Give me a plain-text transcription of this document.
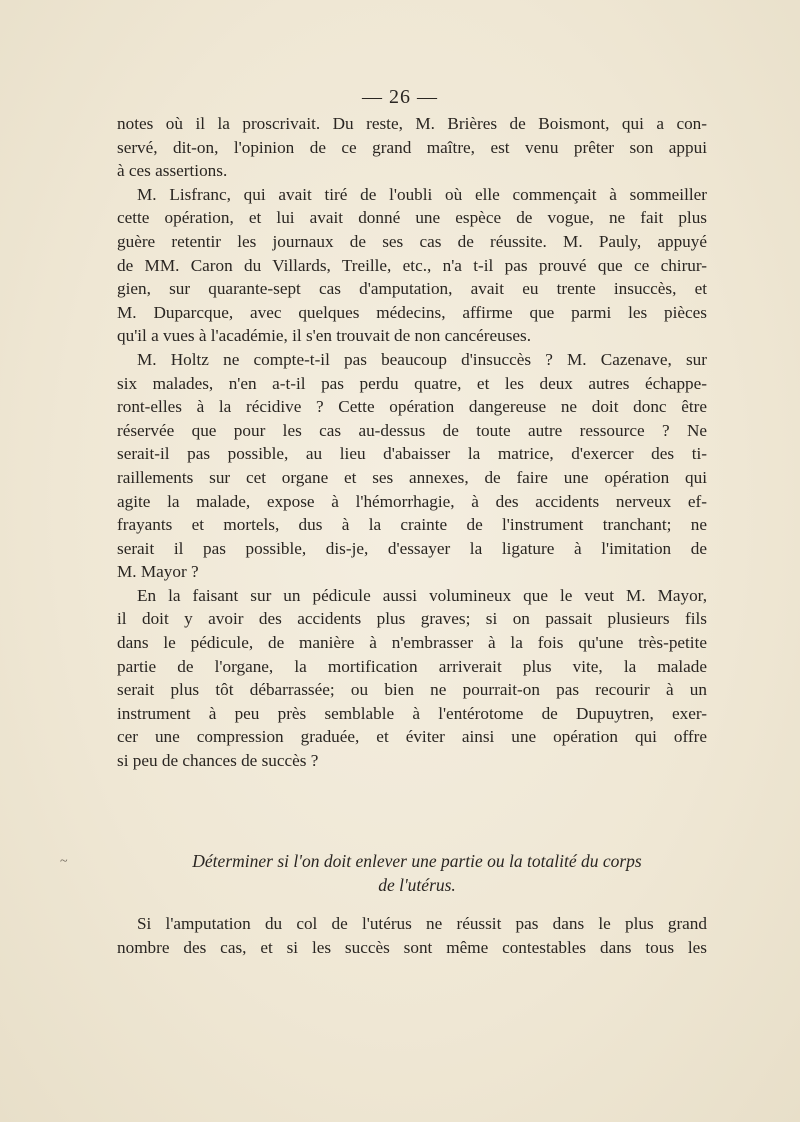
— 26 —
notes où il la proscrivait. Du reste, M. Brières de Boismont, qui a con-
servé, dit-on, l'opinion de ce grand maître, est venu prêter son appui
à ces assertions.
M. Lisfranc, qui avait tiré de l'oubli où elle commençait à sommeiller
cette opération, et lui avait donné une espèce de vogue, ne fait plus
guère retentir les journaux de ses cas de réussite. M. Pauly, appuyé
de MM. Caron du Villards, Treille, etc., n'a t-il pas prouvé que ce chirur-
gien, sur quarante-sept cas d'amputation, avait eu trente insuccès, et
M. Duparcque, avec quelques médecins, affirme que parmi les pièces
qu'il a vues à l'académie, il s'en trouvait de non cancéreuses.
M. Holtz ne compte-t-il pas beaucoup d'insuccès ? M. Cazenave, sur
six malades, n'en a-t-il pas perdu quatre, et les deux autres échappe-
ront-elles à la récidive ? Cette opération dangereuse ne doit donc être
réservée que pour les cas au-dessus de toute autre ressource ? Ne
serait-il pas possible, au lieu d'abaisser la matrice, d'exercer des ti-
raillements sur cet organe et ses annexes, de faire une opération qui
agite la malade, expose à l'hémorrhagie, à des accidents nerveux ef-
frayants et mortels, dus à la crainte de l'instrument tranchant; ne
serait il pas possible, dis-je, d'essayer la ligature à l'imitation de
M. Mayor ?
En la faisant sur un pédicule aussi volumineux que le veut M. Mayor,
il doit y avoir des accidents plus graves; si on passait plusieurs fils
dans le pédicule, de manière à n'embrasser à la fois qu'une très-petite
partie de l'organe, la mortification arriverait plus vite, la malade
serait plus tôt débarrassée; ou bien ne pourrait-on pas recourir à un
instrument à peu près semblable à l'entérotome de Dupuytren, exer-
cer une compression graduée, et éviter ainsi une opération qui offre
si peu de chances de succès ?
~	Déterminer si l'on doit enlever une partie ou la totalité du corps
de l'utérus.
Si l'amputation du col de l'utérus ne réussit pas dans le plus grand
nombre des cas, et si les succès sont même contestables dans tous les
